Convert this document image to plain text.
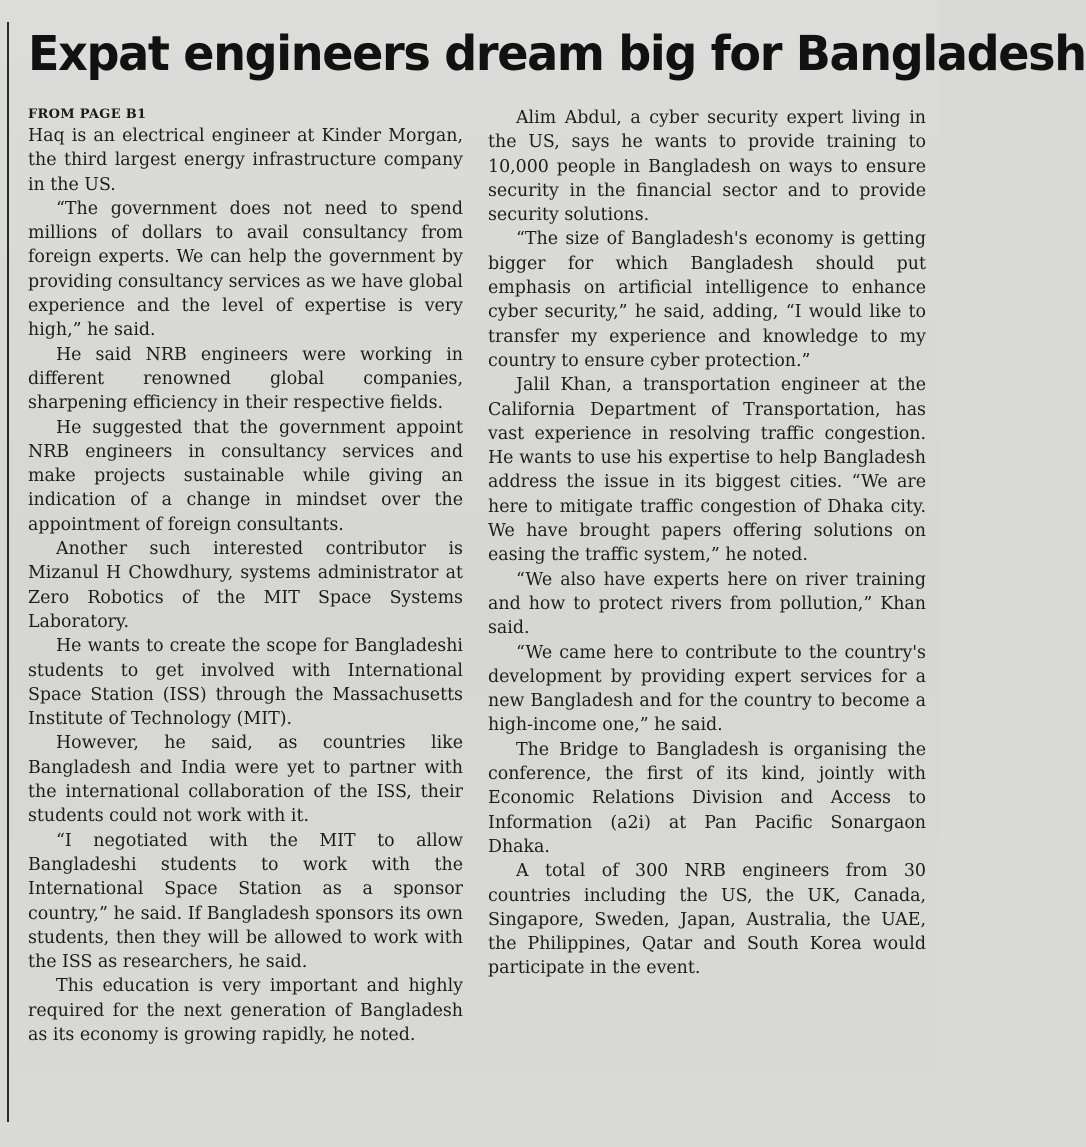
Expat engineers dream big for Bangladesh
FROM PAGE B1

Haq is an electrical engineer at Kinder Morgan, the third largest energy infrastructure company in the US.

“The government does not need to spend millions of dollars to avail consultancy from foreign experts. We can help the government by providing consultancy services as we have global experience and the level of expertise is very high,” he said.

He said NRB engineers were working in different renowned global companies, sharpening efficiency in their respective fields.

He suggested that the government appoint NRB engineers in consultancy services and make projects sustainable while giving an indication of a change in mindset over the appointment of foreign consultants.

Another such interested contributor is Mizanul H Chowdhury, systems administrator at Zero Robotics of the MIT Space Systems Laboratory.

He wants to create the scope for Bangladeshi students to get involved with International Space Station (ISS) through the Massachusetts Institute of Technology (MIT).

However, he said, as countries like Bangladesh and India were yet to partner with the international collaboration of the ISS, their students could not work with it.

“I negotiated with the MIT to allow Bangladeshi students to work with the International Space Station as a sponsor country,” he said. If Bangladesh sponsors its own students, then they will be allowed to work with the ISS as researchers, he said.

This education is very important and highly required for the next generation of Bangladesh as its economy is growing rapidly, he noted.

Alim Abdul, a cyber security expert living in the US, says he wants to provide training to 10,000 people in Bangladesh on ways to ensure security in the financial sector and to provide security solutions.

“The size of Bangladesh's economy is getting bigger for which Bangladesh should put emphasis on artificial intelligence to enhance cyber security,” he said, adding, “I would like to transfer my experience and knowledge to my country to ensure cyber protection.”

Jalil Khan, a transportation engineer at the California Department of Transportation, has vast experience in resolving traffic congestion. He wants to use his expertise to help Bangladesh address the issue in its biggest cities. “We are here to mitigate traffic congestion of Dhaka city. We have brought papers offering solutions on easing the traffic system,” he noted.

“We also have experts here on river training and how to protect rivers from pollution,” Khan said.

“We came here to contribute to the country's development by providing expert services for a new Bangladesh and for the country to become a high-income one,” he said.

The Bridge to Bangladesh is organising the conference, the first of its kind, jointly with Economic Relations Division and Access to Information (a2i) at Pan Pacific Sonargaon Dhaka.

A total of 300 NRB engineers from 30 countries including the US, the UK, Canada, Singapore, Sweden, Japan, Australia, the UAE, the Philippines, Qatar and South Korea would participate in the event.
